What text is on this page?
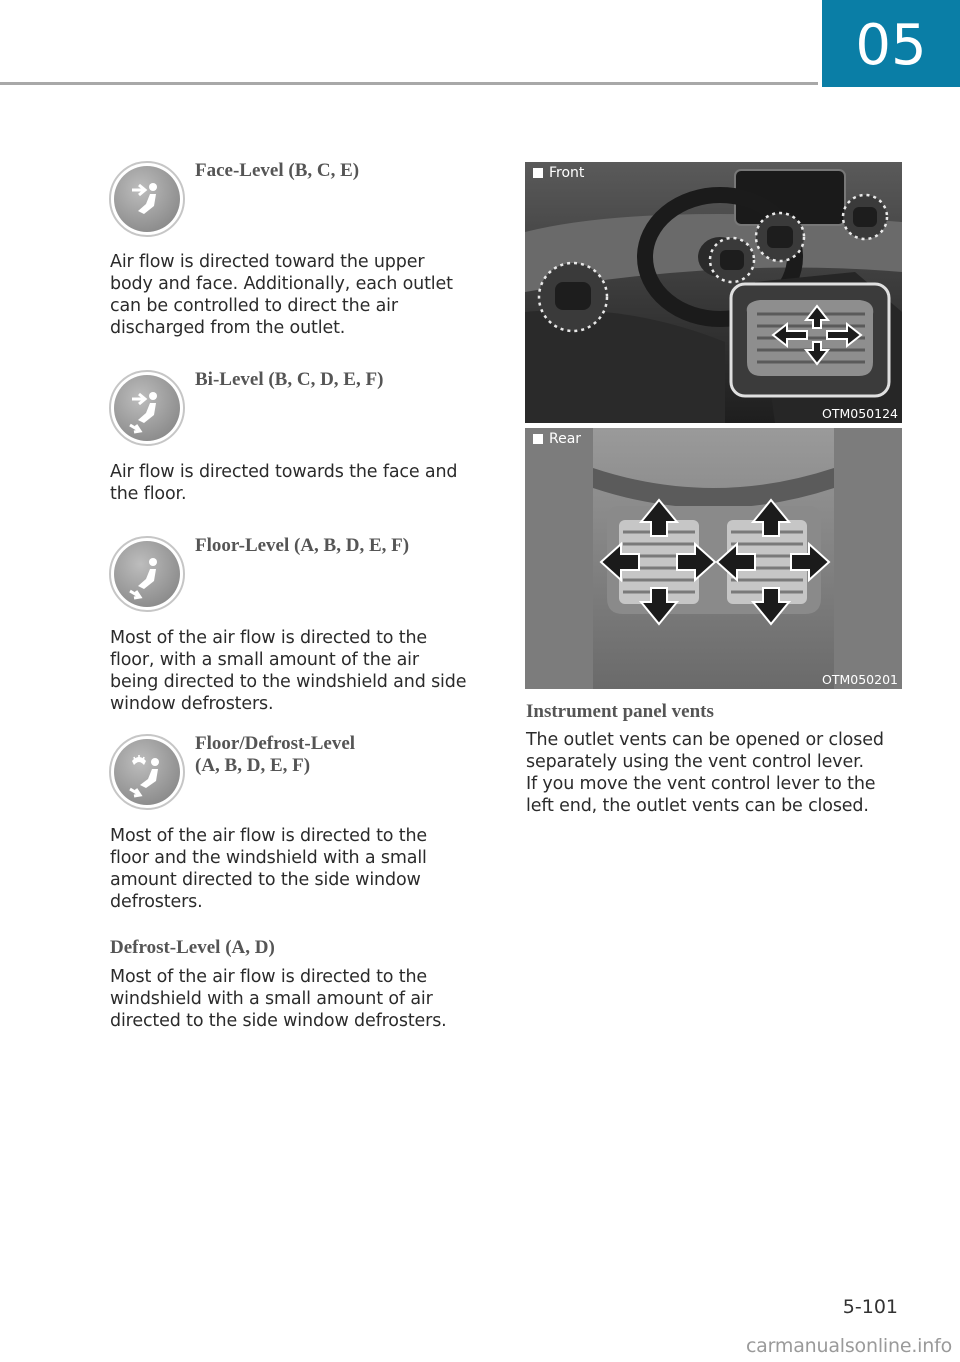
05
Face-Level (B, C, E)
Air flow is directed toward the upper
body and face. Additionally, each outlet
can be controlled to direct the air
discharged from the outlet.
Bi-Level (B, C, D, E, F)
Air flow is directed towards the face and
the floor.
Floor-Level (A, B, D, E, F)
Most of the air flow is directed to the
floor, with a small amount of the air
being directed to the windshield and side
window defrosters.
Floor/Defrost-Level
(A, B, D, E, F)
Most of the air flow is directed to the
floor and the windshield with a small
amount directed to the side window
defrosters.
Defrost-Level (A, D)
Most of the air flow is directed to the
windshield with a small amount of air
directed to the side window defrosters.
Front
OTM050124
Rear
OTM050201
Instrument panel vents
The outlet vents can be opened or closed
separately using the vent control lever.
If you move the vent control lever to the
left end, the outlet vents can be closed.
5-101
carmanualsonline.info
